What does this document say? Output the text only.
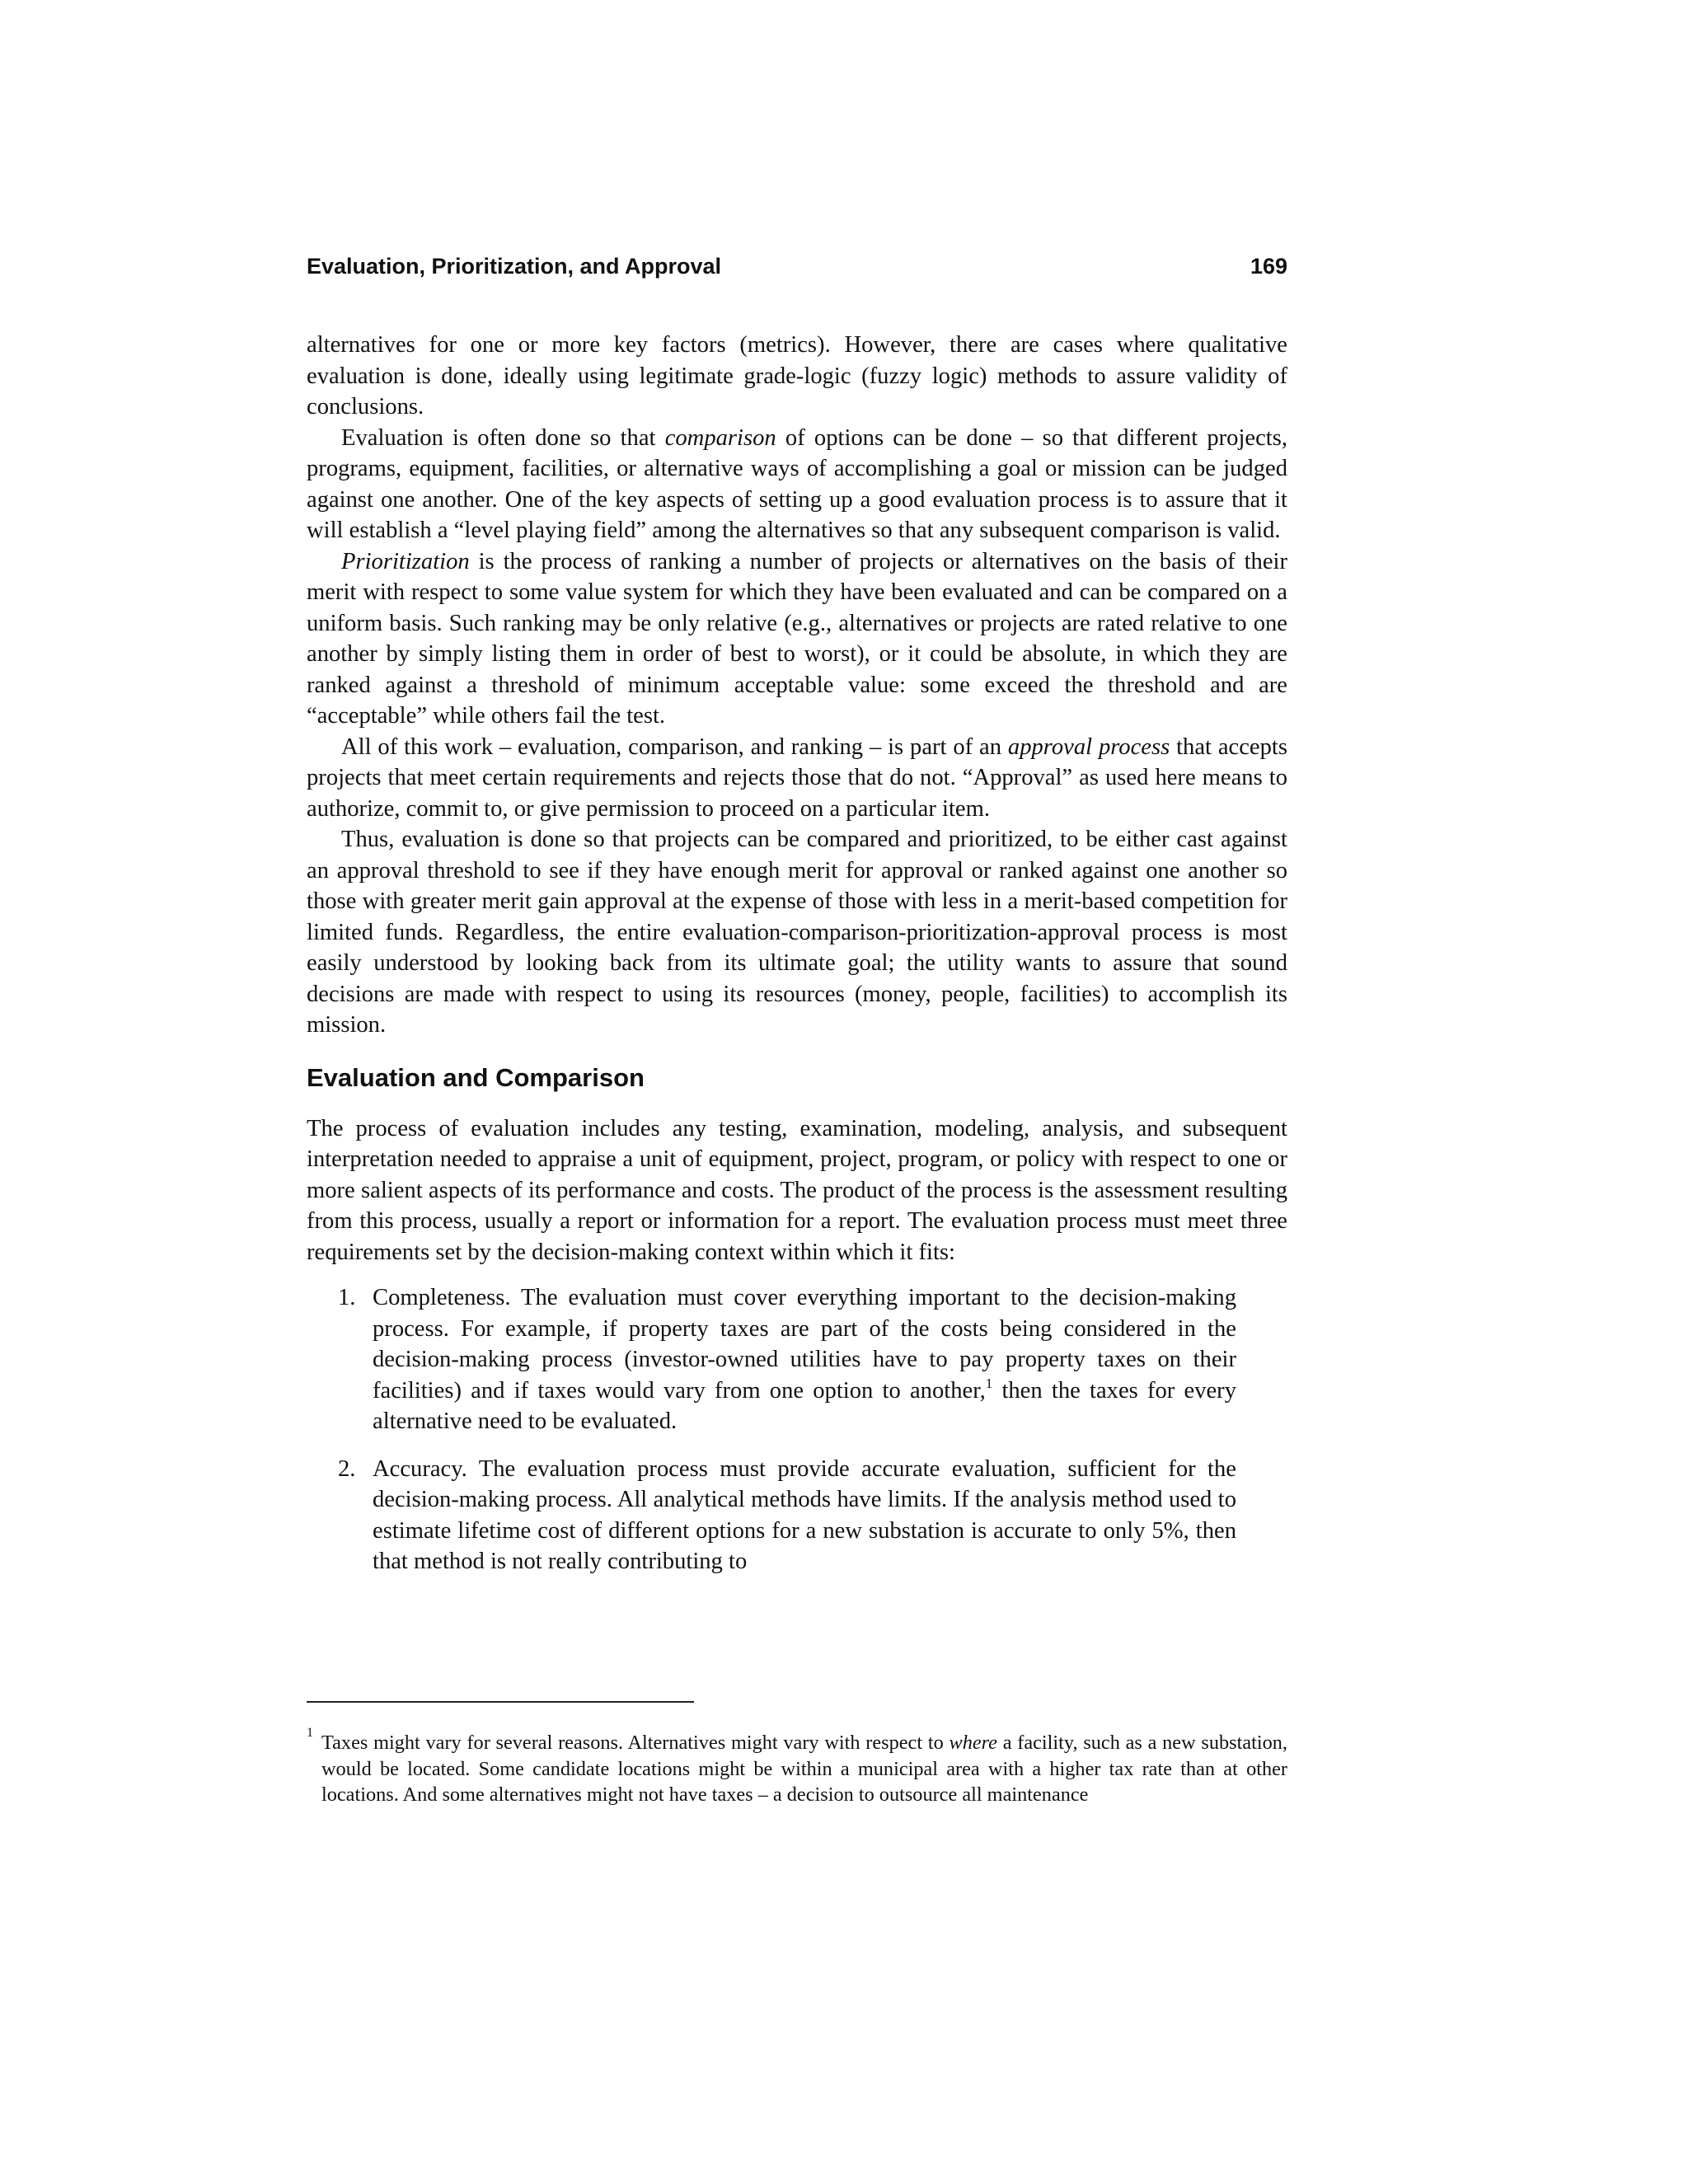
Evaluation, Prioritization, and Approval	169

alternatives for one or more key factors (metrics). However, there are cases where qualitative evaluation is done, ideally using legitimate grade-logic (fuzzy logic) methods to assure validity of conclusions.

Evaluation is often done so that comparison of options can be done – so that different projects, programs, equipment, facilities, or alternative ways of accomplishing a goal or mission can be judged against one another. One of the key aspects of setting up a good evaluation process is to assure that it will establish a “level playing field” among the alternatives so that any subsequent comparison is valid.

Prioritization is the process of ranking a number of projects or alternatives on the basis of their merit with respect to some value system for which they have been evaluated and can be compared on a uniform basis. Such ranking may be only relative (e.g., alternatives or projects are rated relative to one another by simply listing them in order of best to worst), or it could be absolute, in which they are ranked against a threshold of minimum acceptable value: some exceed the threshold and are “acceptable” while others fail the test.

All of this work – evaluation, comparison, and ranking – is part of an approval process that accepts projects that meet certain requirements and rejects those that do not. “Approval” as used here means to authorize, commit to, or give permission to proceed on a particular item.

Thus, evaluation is done so that projects can be compared and prioritized, to be either cast against an approval threshold to see if they have enough merit for approval or ranked against one another so those with greater merit gain approval at the expense of those with less in a merit-based competition for limited funds. Regardless, the entire evaluation-comparison-prioritization-approval process is most easily understood by looking back from its ultimate goal; the utility wants to assure that sound decisions are made with respect to using its resources (money, people, facilities) to accomplish its mission.

Evaluation and Comparison

The process of evaluation includes any testing, examination, modeling, analysis, and subsequent interpretation needed to appraise a unit of equipment, project, program, or policy with respect to one or more salient aspects of its performance and costs. The product of the process is the assessment resulting from this process, usually a report or information for a report. The evaluation process must meet three requirements set by the decision-making context within which it fits:

1. Completeness. The evaluation must cover everything important to the decision-making process. For example, if property taxes are part of the costs being considered in the decision-making process (investor-owned utilities have to pay property taxes on their facilities) and if taxes would vary from one option to another,$^1$ then the taxes for every alternative need to be evaluated.
2. Accuracy. The evaluation process must provide accurate evaluation, sufficient for the decision-making process. All analytical methods have limits. If the analysis method used to estimate lifetime cost of different options for a new substation is accurate to only 5%, then that method is not really contributing to

1 Taxes might vary for several reasons. Alternatives might vary with respect to where a facility, such as a new substation, would be located. Some candidate locations might be within a municipal area with a higher tax rate than at other locations. And some alternatives might not have taxes – a decision to outsource all maintenance
